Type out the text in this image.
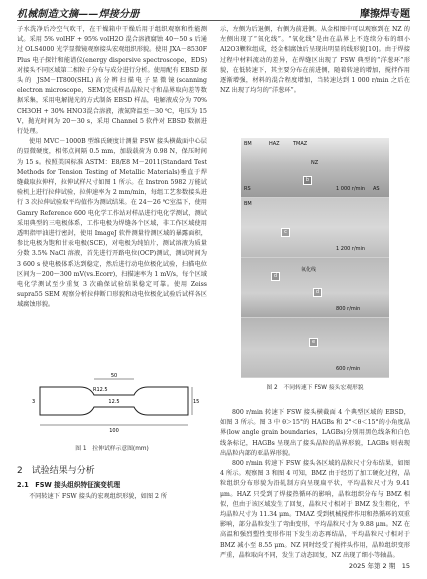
机械制造文摘——焊接分册	摩擦焊专题

子水洗净后冷空气吹干，在干燥箱中干燥后用于组织观察和性能测试。采用 5% volHF + 95% volH2O 混合溶液腐蚀 40～50 s 后通过 OLS4000 光学显微镜观察接头宏观组织形貌。使用 JXA－8530F Plus 电子探针和能谱仪(energy dispersive spectroscope，EDS)对接头不同区域第二相粒子分布与成分进行分析。使用配有 EBSD 探头的 JSM－IT800(SHL)高分辨扫描电子显微镜(scanning electron microscope，SEM)完成样品晶粒尺寸和晶界取向差等数据采集，采用电解抛光的方式制备 EBSD 样品，电解液成分为 70% CH3OH + 30% HNO3混合溶液，液氮降温至－30 ℃，电压为 15 V，抛光时间为 20～30 s，采用 Channel 5 软件对 EBSD 数据进行处理。

使用 MVC－1000B 型维氏硬度计测量 FSW 接头横截面中心层的显微硬度，相邻点间隔 0.5 mm，加载载荷为 0.98 N，保压时间为 15 s。按照美国标准 ASTM：E8/E8 M－2011(Standard Test Methods for Tension Testing of Metallic Materials)垂直于焊缝截取拉伸样，拉伸试样尺寸如图 1 所示。在 Instron 5982 万能试验机上进行拉伸试验，拉伸速率为 2 mm/min，每组工艺参数接头进行 3 次拉伸试验取平均值作为测试结果。在 24～26 ℃室温下，使用 Gamry Reference 600 电化学工作站对样品进行电化学测试，测试采用典型的三电极体系，工作电极为焊缝各个区域，非工作区域使用透明指甲油进行密封，使用 ImageJ 软件测量待测区域的暴露面积，参比电极为饱和甘汞电极(SCE)，对电极为纯铂片，测试溶液为质量分数 3.5% NaCl 溶液，首先进行开路电位(OCP)测试，测试时间为 3 600 s 使电极体系达到稳定，然后进行动电位极化试验，扫描电位区间为－200～300 mV(vs.Ecorr)，扫描速率为 1 mV/s，每个区域电化学测试至少重复 3 次确保试验结果稳定可靠。使用 Zeiss supra55 SEM 观察分析拉伸断口形貌和动电位极化试验后试样各区域腐蚀形貌。

50
100
R12.5
12.5	15
3
图 1　拉伸试样示意图(mm)
2　试验结果与分析
2.1　FSW 接头组织特征演变机理

不同转速下 FSW 接头的宏观组织形貌，如图 2 所

示，左侧为后退侧，右侧为前进侧。从金相图中可以观察到在 NZ 的左侧出现了“氧化线”。“氧化线”是由在晶界上不连续分布的细小 Al2O3颗粒组成，经金相腐蚀后呈现出明显的线形貌[10]。由于焊接过程中材料流动的差异，在焊缝区出现了 FSW 典型的“洋葱环”形貌，在低转速下，其主要分布在前进侧，随着转速的增加，搅拌作用逐渐增强，材料的混合程度增加，当转速达到 1 000 r/min 之后在 NZ 出现了均匀的“洋葱环”。

BM	HAZ	TMAZ
NZ
RS	AS
1 000 r/min
b
BM
1 200 r/min
c
氧化线
800 r/min
d
d
600 r/min
e
图 2　不同转速下 FSW 接头宏观形貌

800 r/min 转速下 FSW 接头横截面 4 个典型区域的 EBSD，如图 3 所示。图 3 中 θ＞15°的 HAGBs 和 2°＜θ＜15°的小角度晶界(low angle grain boundaries，LAGBs)分别用黑色线条和白色线条标记，HAGBs 呈现出了接头晶粒的晶界形貌，LAGBs 则表现出晶粒内部的亚晶界形貌。

800 r/min 转速下 FSW 接头各区域的晶粒尺寸分布结果，如图 4 所示。观察图 3 和图 4 可知，BMZ 由于经历了加工硬化过程，晶粒组织分布形貌为沿轧制方向呈现扁平状，平均晶粒尺寸为 9.41 μm。HAZ 只受到了焊接热循环的影响，晶粒组织分布与 BMZ 相似，但由于该区域发生了回复，晶粒尺寸相对于 BMZ 发生粗化，平均晶粒尺寸为 11.34 μm。TMAZ 受到机械搅拌作用和热循环的双重影响，部分晶粒发生了弯曲变形，平均晶粒尺寸为 9.88 μm。NZ 在高温和强烈塑性变形作用下发生动态再结晶，平均晶粒尺寸相对于 BMZ 减小至 8.55 μm。NZ 同时经受了搅拌头作用，晶粒组织变形严重，晶粒取向不同，发生了动态回复，NZ 出现了细小等轴晶。

2025 年第 2 期　15
